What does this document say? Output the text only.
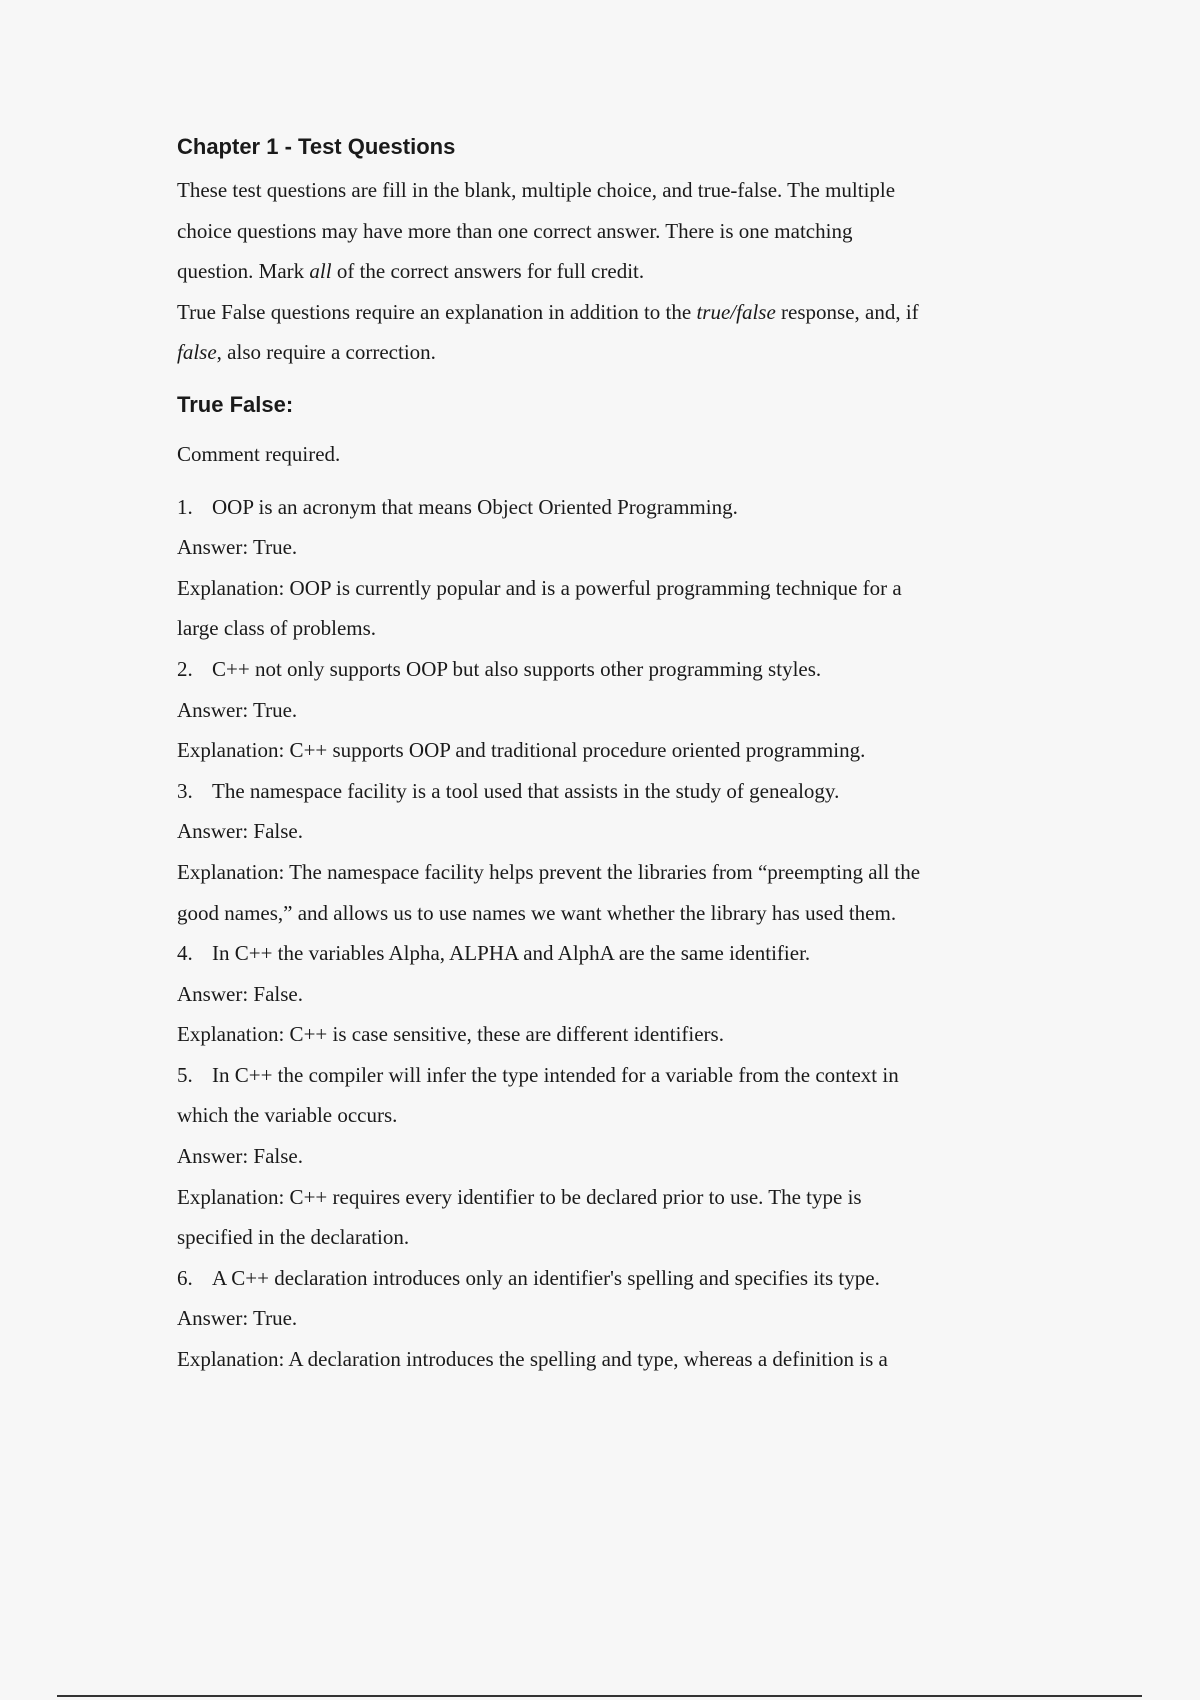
Chapter 1 - Test Questions

These test questions are fill in the blank, multiple choice, and true-false. The multiple

choice questions may have more than one correct answer. There is one matching

question. Mark all of the correct answers for full credit.

True False questions require an explanation in addition to the true/false response, and, if

false, also require a correction.

True False:

Comment required.

1. OOP is an acronym that means Object Oriented Programming.

Answer: True.

Explanation: OOP is currently popular and is a powerful programming technique for a

large class of problems.

2. C++ not only supports OOP but also supports other programming styles.

Answer: True.

Explanation: C++ supports OOP and traditional procedure oriented programming.

3. The namespace facility is a tool used that assists in the study of genealogy.

Answer: False.

Explanation: The namespace facility helps prevent the libraries from “preempting all the

good names,” and allows us to use names we want whether the library has used them.

4. In C++ the variables Alpha, ALPHA and AlphA are the same identifier.

Answer: False.

Explanation: C++ is case sensitive, these are different identifiers.

5. In C++ the compiler will infer the type intended for a variable from the context in

which the variable occurs.

Answer: False.

Explanation: C++ requires every identifier to be declared prior to use. The type is

specified in the declaration.

6. A C++ declaration introduces only an identifier's spelling and specifies its type.

Answer: True.

Explanation: A declaration introduces the spelling and type, whereas a definition is a
